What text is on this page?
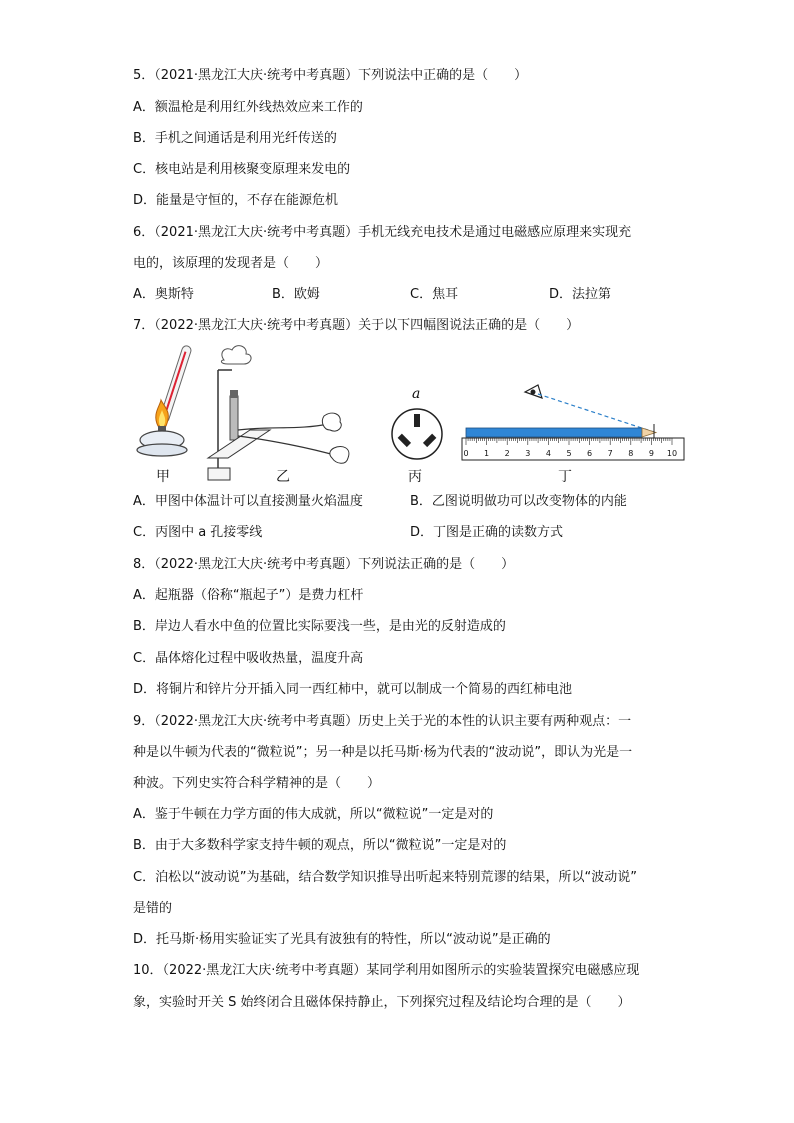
5．（2021·黑龙江大庆·统考中考真题）下列说法中正确的是（　　）
A．额温枪是利用红外线热效应来工作的
B．手机之间通话是利用光纤传送的
C．核电站是利用核聚变原理来发电的
D．能量是守恒的，不存在能源危机
6．（2021·黑龙江大庆·统考中考真题）手机无线充电技术是通过电磁感应原理来实现充
电的，该原理的发现者是（　　）
A．奥斯特	B．欧姆	C．焦耳	D．法拉第
7．（2022·黑龙江大庆·统考中考真题）关于以下四幅图说法正确的是（　　）
甲	乙
a
丙
0 1 2 3 4 5 6 7 8 9 10
丁
A．甲图中体温计可以直接测量火焰温度	B．乙图说明做功可以改变物体的内能
C．丙图中 a 孔接零线	D．丁图是正确的读数方式
8．（2022·黑龙江大庆·统考中考真题）下列说法正确的是（　　）
A．起瓶器（俗称“瓶起子”）是费力杠杆
B．岸边人看水中鱼的位置比实际要浅一些，是由光的反射造成的
C．晶体熔化过程中吸收热量，温度升高
D．将铜片和锌片分开插入同一西红柿中，就可以制成一个简易的西红柿电池
9．（2022·黑龙江大庆·统考中考真题）历史上关于光的本性的认识主要有两种观点：一
种是以牛顿为代表的“微粒说”；另一种是以托马斯·杨为代表的“波动说”，即认为光是一
种波。下列史实符合科学精神的是（　　）
A．鉴于牛顿在力学方面的伟大成就，所以“微粒说”一定是对的
B．由于大多数科学家支持牛顿的观点，所以“微粒说”一定是对的
C．泊松以“波动说”为基础，结合数学知识推导出听起来特别荒谬的结果，所以“波动说”
是错的
D．托马斯·杨用实验证实了光具有波独有的特性，所以“波动说”是正确的
10．（2022·黑龙江大庆·统考中考真题）某同学利用如图所示的实验装置探究电磁感应现
象，实验时开关 S 始终闭合且磁体保持静止，下列探究过程及结论均合理的是（　　）
